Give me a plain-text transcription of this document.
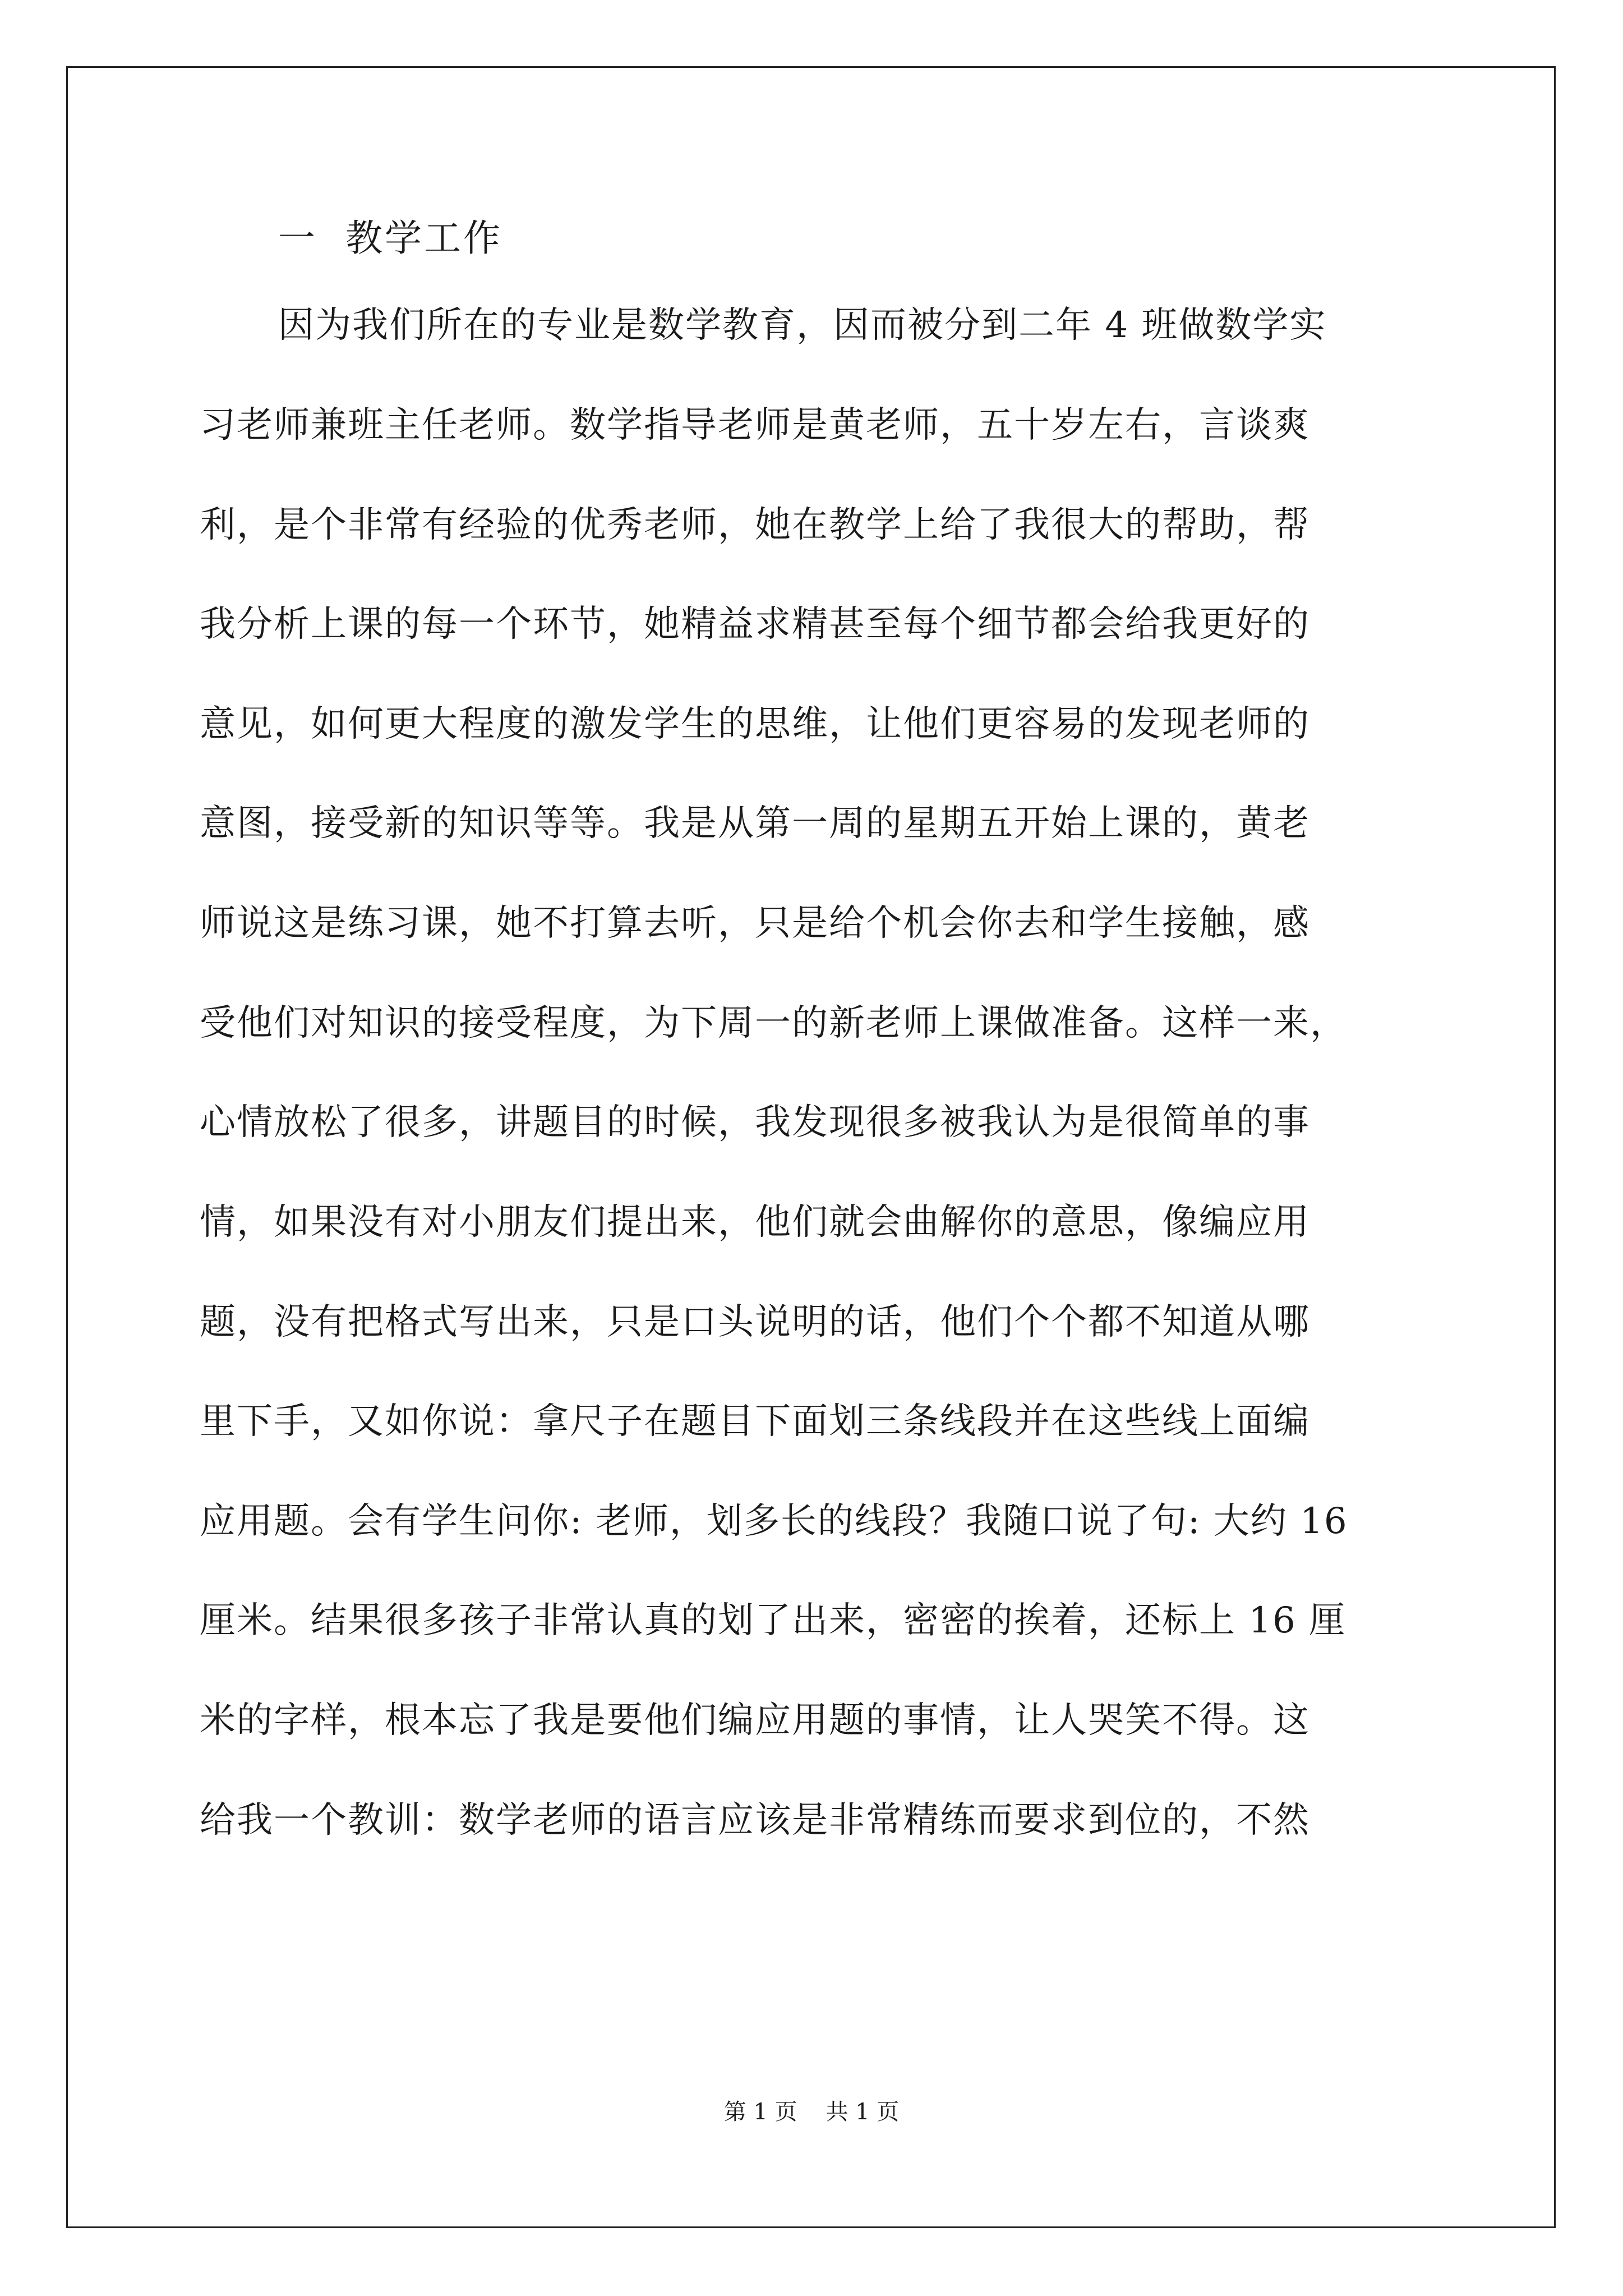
一  教学工作
因为我们所在的专业是数学教育，因而被分到二年 4 班做数学实
习老师兼班主任老师。数学指导老师是黄老师，五十岁左右，言谈爽
利，是个非常有经验的优秀老师，她在教学上给了我很大的帮助，帮
我分析上课的每一个环节，她精益求精甚至每个细节都会给我更好的
意见，如何更大程度的激发学生的思维，让他们更容易的发现老师的
意图，接受新的知识等等。我是从第一周的星期五开始上课的，黄老
师说这是练习课，她不打算去听，只是给个机会你去和学生接触，感
受他们对知识的接受程度，为下周一的新老师上课做准备。这样一来，
心情放松了很多，讲题目的时候，我发现很多被我认为是很简单的事
情，如果没有对小朋友们提出来，他们就会曲解你的意思，像编应用
题，没有把格式写出来，只是口头说明的话，他们个个都不知道从哪
里下手，又如你说：拿尺子在题目下面划三条线段并在这些线上面编
应用题。会有学生问你: 老师，划多长的线段？我随口说了句: 大约 16
厘米。结果很多孩子非常认真的划了出来，密密的挨着，还标上 16 厘
米的字样，根本忘了我是要他们编应用题的事情，让人哭笑不得。这
给我一个教训：数学老师的语言应该是非常精练而要求到位的，不然
第 1 页    共 1 页
